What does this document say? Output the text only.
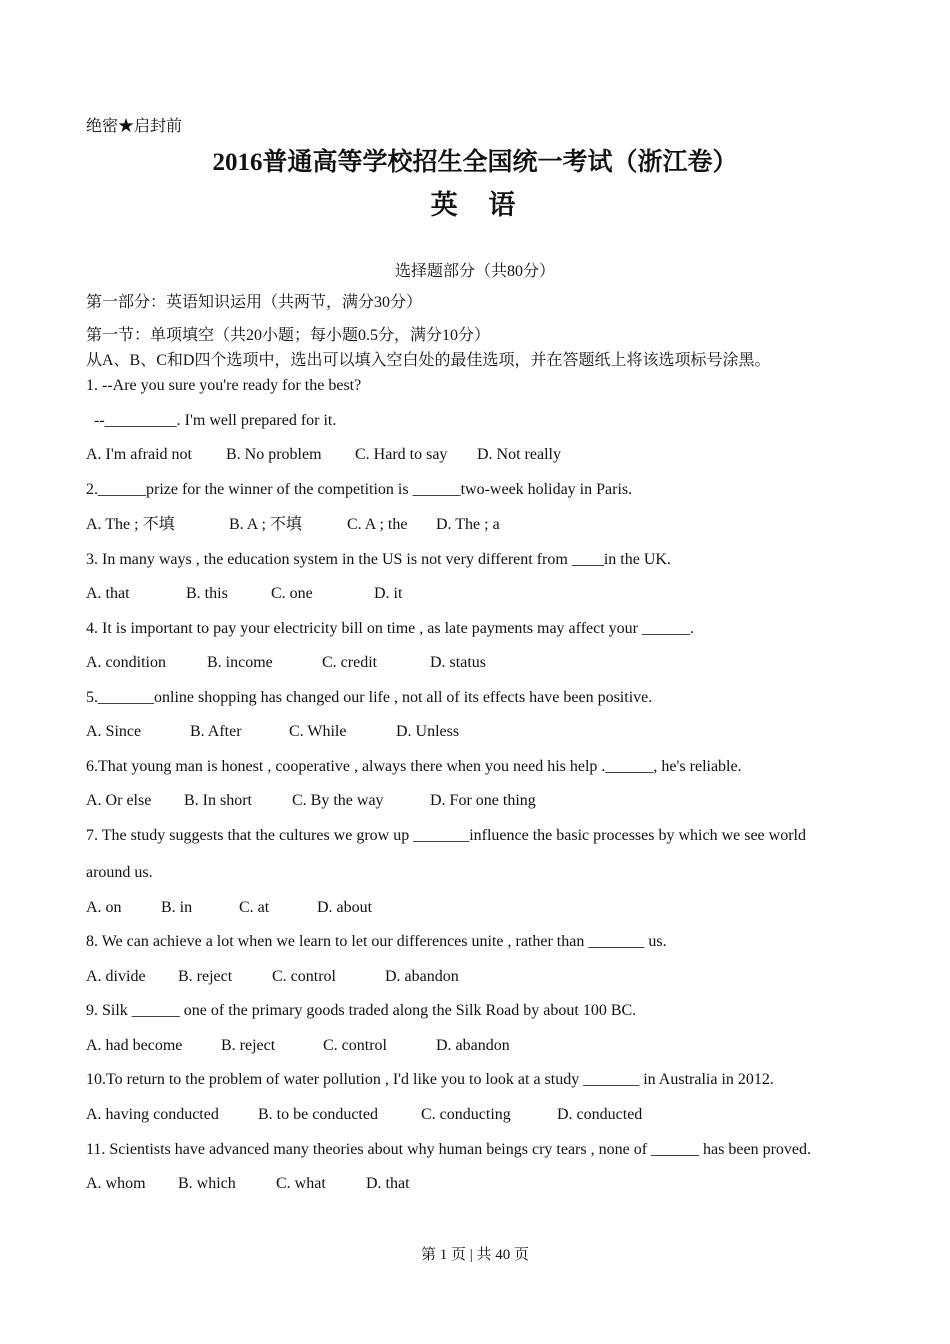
绝密★启封前
2016普通高等学校招生全国统一考试（浙江卷）
英 语
选择题部分（共80分）
第一部分：英语知识运用（共两节，满分30分）
第一节：单项填空（共20小题；每小题0.5分，满分10分）
从A、B、C和D四个选项中，选出可以填入空白处的最佳选项，并在答题纸上将该选项标号涂黑。
1. --Are you sure you're ready for the best?
--_________. I'm well prepared for it.
A. I'm afraid not B. No problem C. Hard to say D. Not really
2.______prize for the winner of the competition is ______two-week holiday in Paris.
A. The ; 不填	B. A ; 不填	C. A ; the D. The ; a
3. In many ways , the education system in the US is not very different from ____in the UK.
A. that	B. this	C. one	D. it
4. It is important to pay your electricity bill on time , as late payments may affect your ______.
A. condition	B. income	C. credit	D. status
5._______online shopping has changed our life , not all of its effects have been positive.
A. Since	B. After	C. While	D. Unless
6.That young man is honest , cooperative , always there when you need his help .______, he's reliable.
A. Or else B. In short	C. By the way	D. For one thing
7. The study suggests that the cultures we grow up _______influence the basic processes by which we see world
around us.
A. on B. in	C. at	D. about
8. We can achieve a lot when we learn to let our differences unite , rather than _______ us.
A. divide B. reject C. control	D. abandon
9. Silk ______ one of the primary goods traded along the Silk Road by about 100 BC.
A. had become B. reject	C. control	D. abandon
10.To return to the problem of water pollution , I'd like you to look at a study _______ in Australia in 2012.
A. having conducted B. to be conducted	C. conducting	D. conducted
11. Scientists have advanced many theories about why human beings cry tears , none of ______ has been proved.
A. whom B. which	C. what	D. that
第 1 页 | 共 40 页
